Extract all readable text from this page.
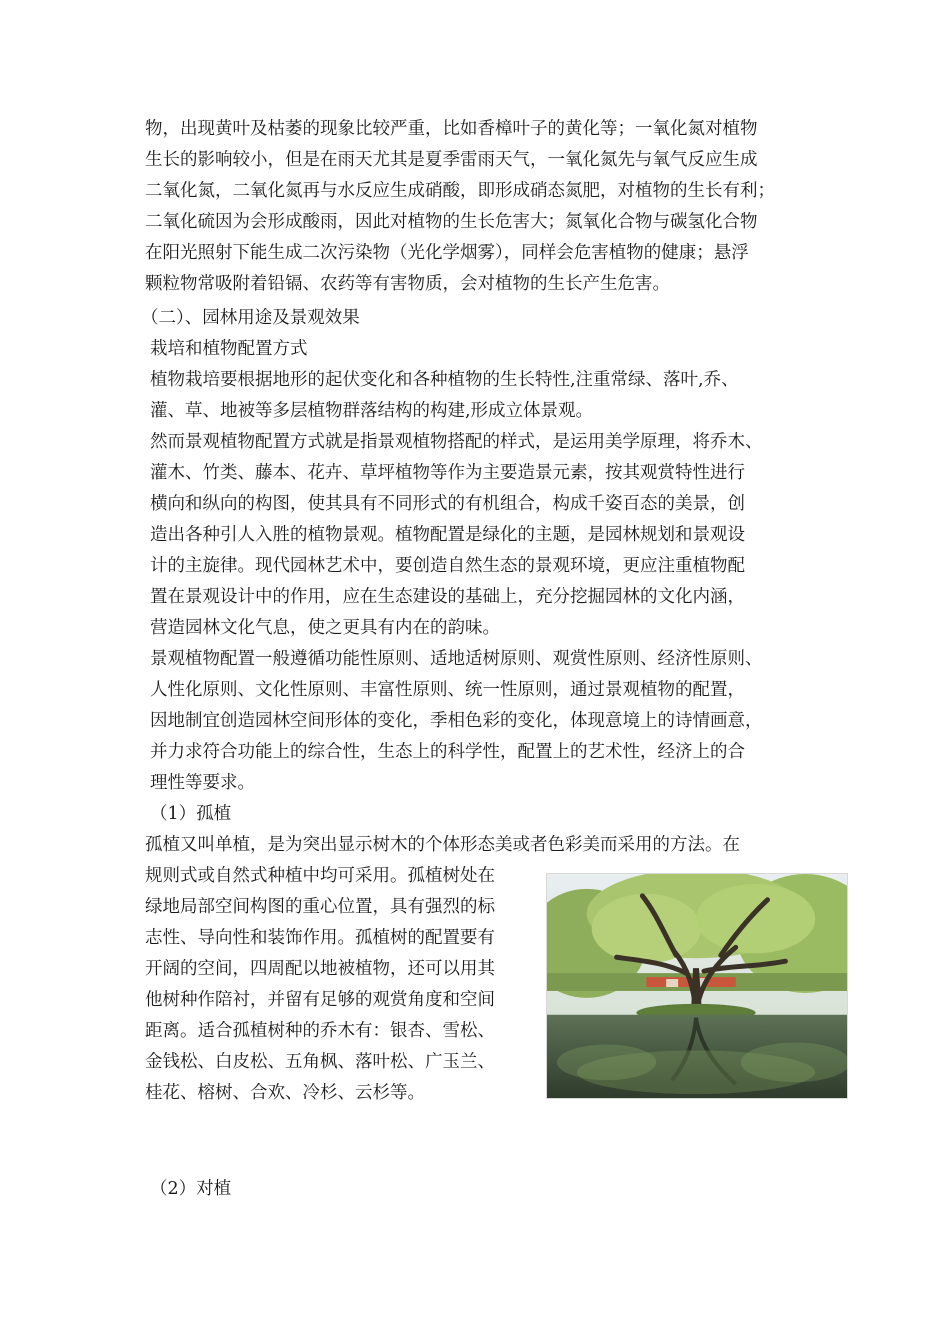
物，出现黄叶及枯萎的现象比较严重，比如香樟叶子的黄化等；一氧化氮对植物
生长的影响较小，但是在雨天尤其是夏季雷雨天气，一氧化氮先与氧气反应生成
二氧化氮，二氧化氮再与水反应生成硝酸，即形成硝态氮肥，对植物的生长有利；
二氧化硫因为会形成酸雨，因此对植物的生长危害大；氮氧化合物与碳氢化合物
在阳光照射下能生成二次污染物（光化学烟雾），同样会危害植物的健康；悬浮
颗粒物常吸附着铅镉、农药等有害物质，会对植物的生长产生危害。
（二）、园林用途及景观效果
栽培和植物配置方式
植物栽培要根据地形的起伏变化和各种植物的生长特性,注重常绿、落叶,乔、
灌、草、地被等多层植物群落结构的构建,形成立体景观。
然而景观植物配置方式就是指景观植物搭配的样式，是运用美学原理，将乔木、
灌木、竹类、藤本、花卉、草坪植物等作为主要造景元素，按其观赏特性进行
横向和纵向的构图，使其具有不同形式的有机组合，构成千姿百态的美景，创
造出各种引人入胜的植物景观。植物配置是绿化的主题，是园林规划和景观设
计的主旋律。现代园林艺术中，要创造自然生态的景观环境，更应注重植物配
置在景观设计中的作用，应在生态建设的基础上，充分挖掘园林的文化内涵，
营造园林文化气息，使之更具有内在的韵味。
景观植物配置一般遵循功能性原则、适地适树原则、观赏性原则、经济性原则、
人性化原则、文化性原则、丰富性原则、统一性原则，通过景观植物的配置，
因地制宜创造园林空间形体的变化，季相色彩的变化，体现意境上的诗情画意，
并力求符合功能上的综合性，生态上的科学性，配置上的艺术性，经济上的合
理性等要求。
（1）孤植
孤植又叫单植，是为突出显示树木的个体形态美或者色彩美而采用的方法。在
规则式或自然式种植中均可采用。孤植树处在
绿地局部空间构图的重心位置，具有强烈的标
志性、导向性和装饰作用。孤植树的配置要有
开阔的空间，四周配以地被植物，还可以用其
他树种作陪衬，并留有足够的观赏角度和空间
距离。适合孤植树种的乔木有：银杏、雪松、
金钱松、白皮松、五角枫、落叶松、广玉兰、
桂花、榕树、合欢、冷杉、云杉等。
（2）对植
